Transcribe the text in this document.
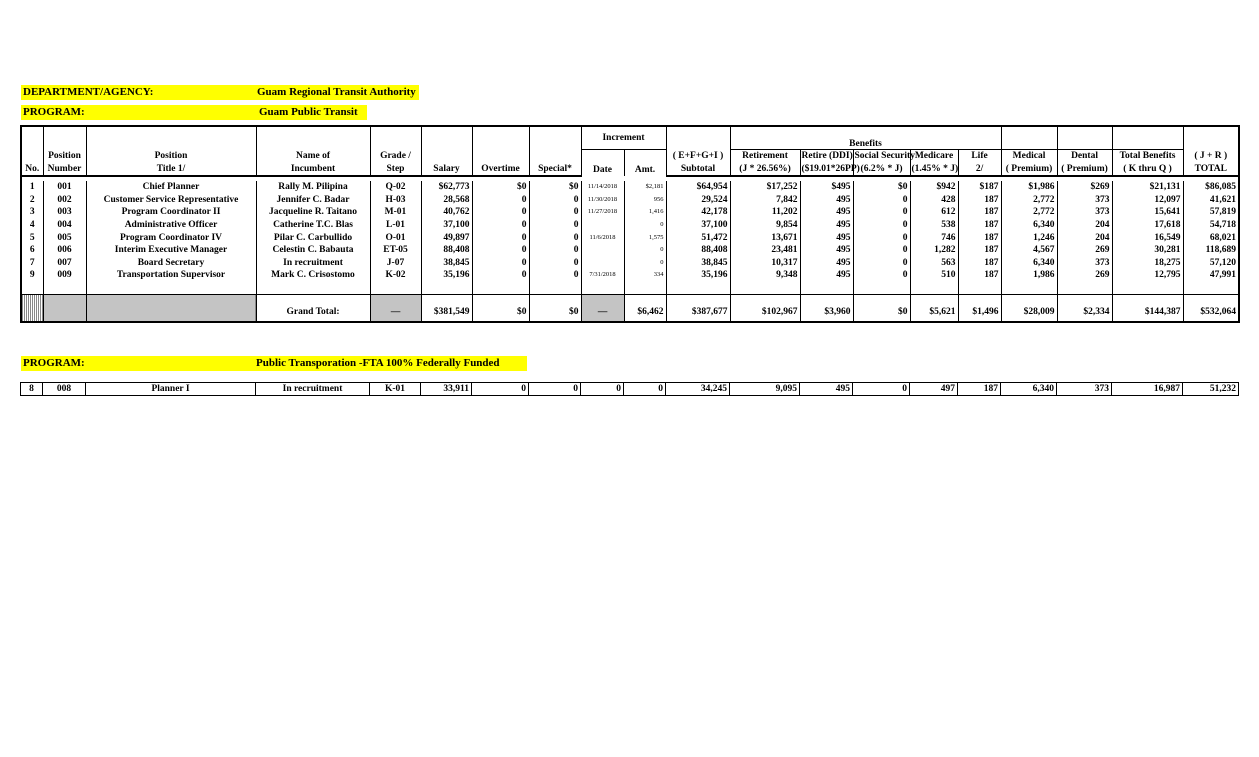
DEPARTMENT/AGENCY:	Guam Regional Transit Authority
PROGRAM:	Guam Public Transit
								Increment			Benefits								
	Position	Position	Name of	Grade /				Date	Amt.	( E+F+G+I )	Retirement	Retire (DDI)	Social Security	Medicare	Life	Medical	Dental	Total Benefits	( J + R )
No.	Number	Title 1/	Incumbent	Step	Salary	Overtime	Special*			Subtotal	(J * 26.56%)	($19.01*26PP)	(6.2% * J)	(1.45% * J)	2/	( Premium)	( Premium)	( K thru Q )	TOTAL

1	001	Chief Planner	Rally M. Pilipina	Q-02	$62,773	$0	$0	11/14/2018	$2,181	$64,954	$17,252	$495	$0	$942	$187	$1,986	$269	$21,131	$86,085
2	002	Customer Service Representative	Jennifer C. Badar	H-03	28,568	0	0	11/30/2018	956	29,524	7,842	495	0	428	187	2,772	373	12,097	41,621
3	003	Program Coordinator II	Jacqueline R. Taitano	M-01	40,762	0	0	11/27/2018	1,416	42,178	11,202	495	0	612	187	2,772	373	15,641	57,819
4	004	Administrative Officer	Catherine T.C. Blas	L-01	37,100	0	0		0	37,100	9,854	495	0	538	187	6,340	204	17,618	54,718
5	005	Program Coordinator IV	Pilar C. Carbullido	O-01	49,897	0	0	11/6/2018	1,575	51,472	13,671	495	0	746	187	1,246	204	16,549	68,021
6	006	Interim Executive Manager	Celestin C. Babauta	ET-05	88,408	0	0		0	88,408	23,481	495	0	1,282	187	4,567	269	30,281	118,689
7	007	Board Secretary	In recruitment	J-07	38,845	0	0		0	38,845	10,317	495	0	563	187	6,340	373	18,275	57,120
9	009	Transportation Supervisor	Mark C. Crisostomo	K-02	35,196	0	0	7/31/2018	334	35,196	9,348	495	0	510	187	1,986	269	12,795	47,991

			Grand Total:	—	$381,549	$0	$0	—	$6,462	$387,677	$102,967	$3,960	$0	$5,621	$1,496	$28,009	$2,334	$144,387	$532,064
PROGRAM:	Public Transporation -FTA 100% Federally Funded
8	008	Planner I	In recruitment	K-01	33,911	0	0	0	0	34,245	9,095	495	0	497	187	6,340	373	16,987	51,232
